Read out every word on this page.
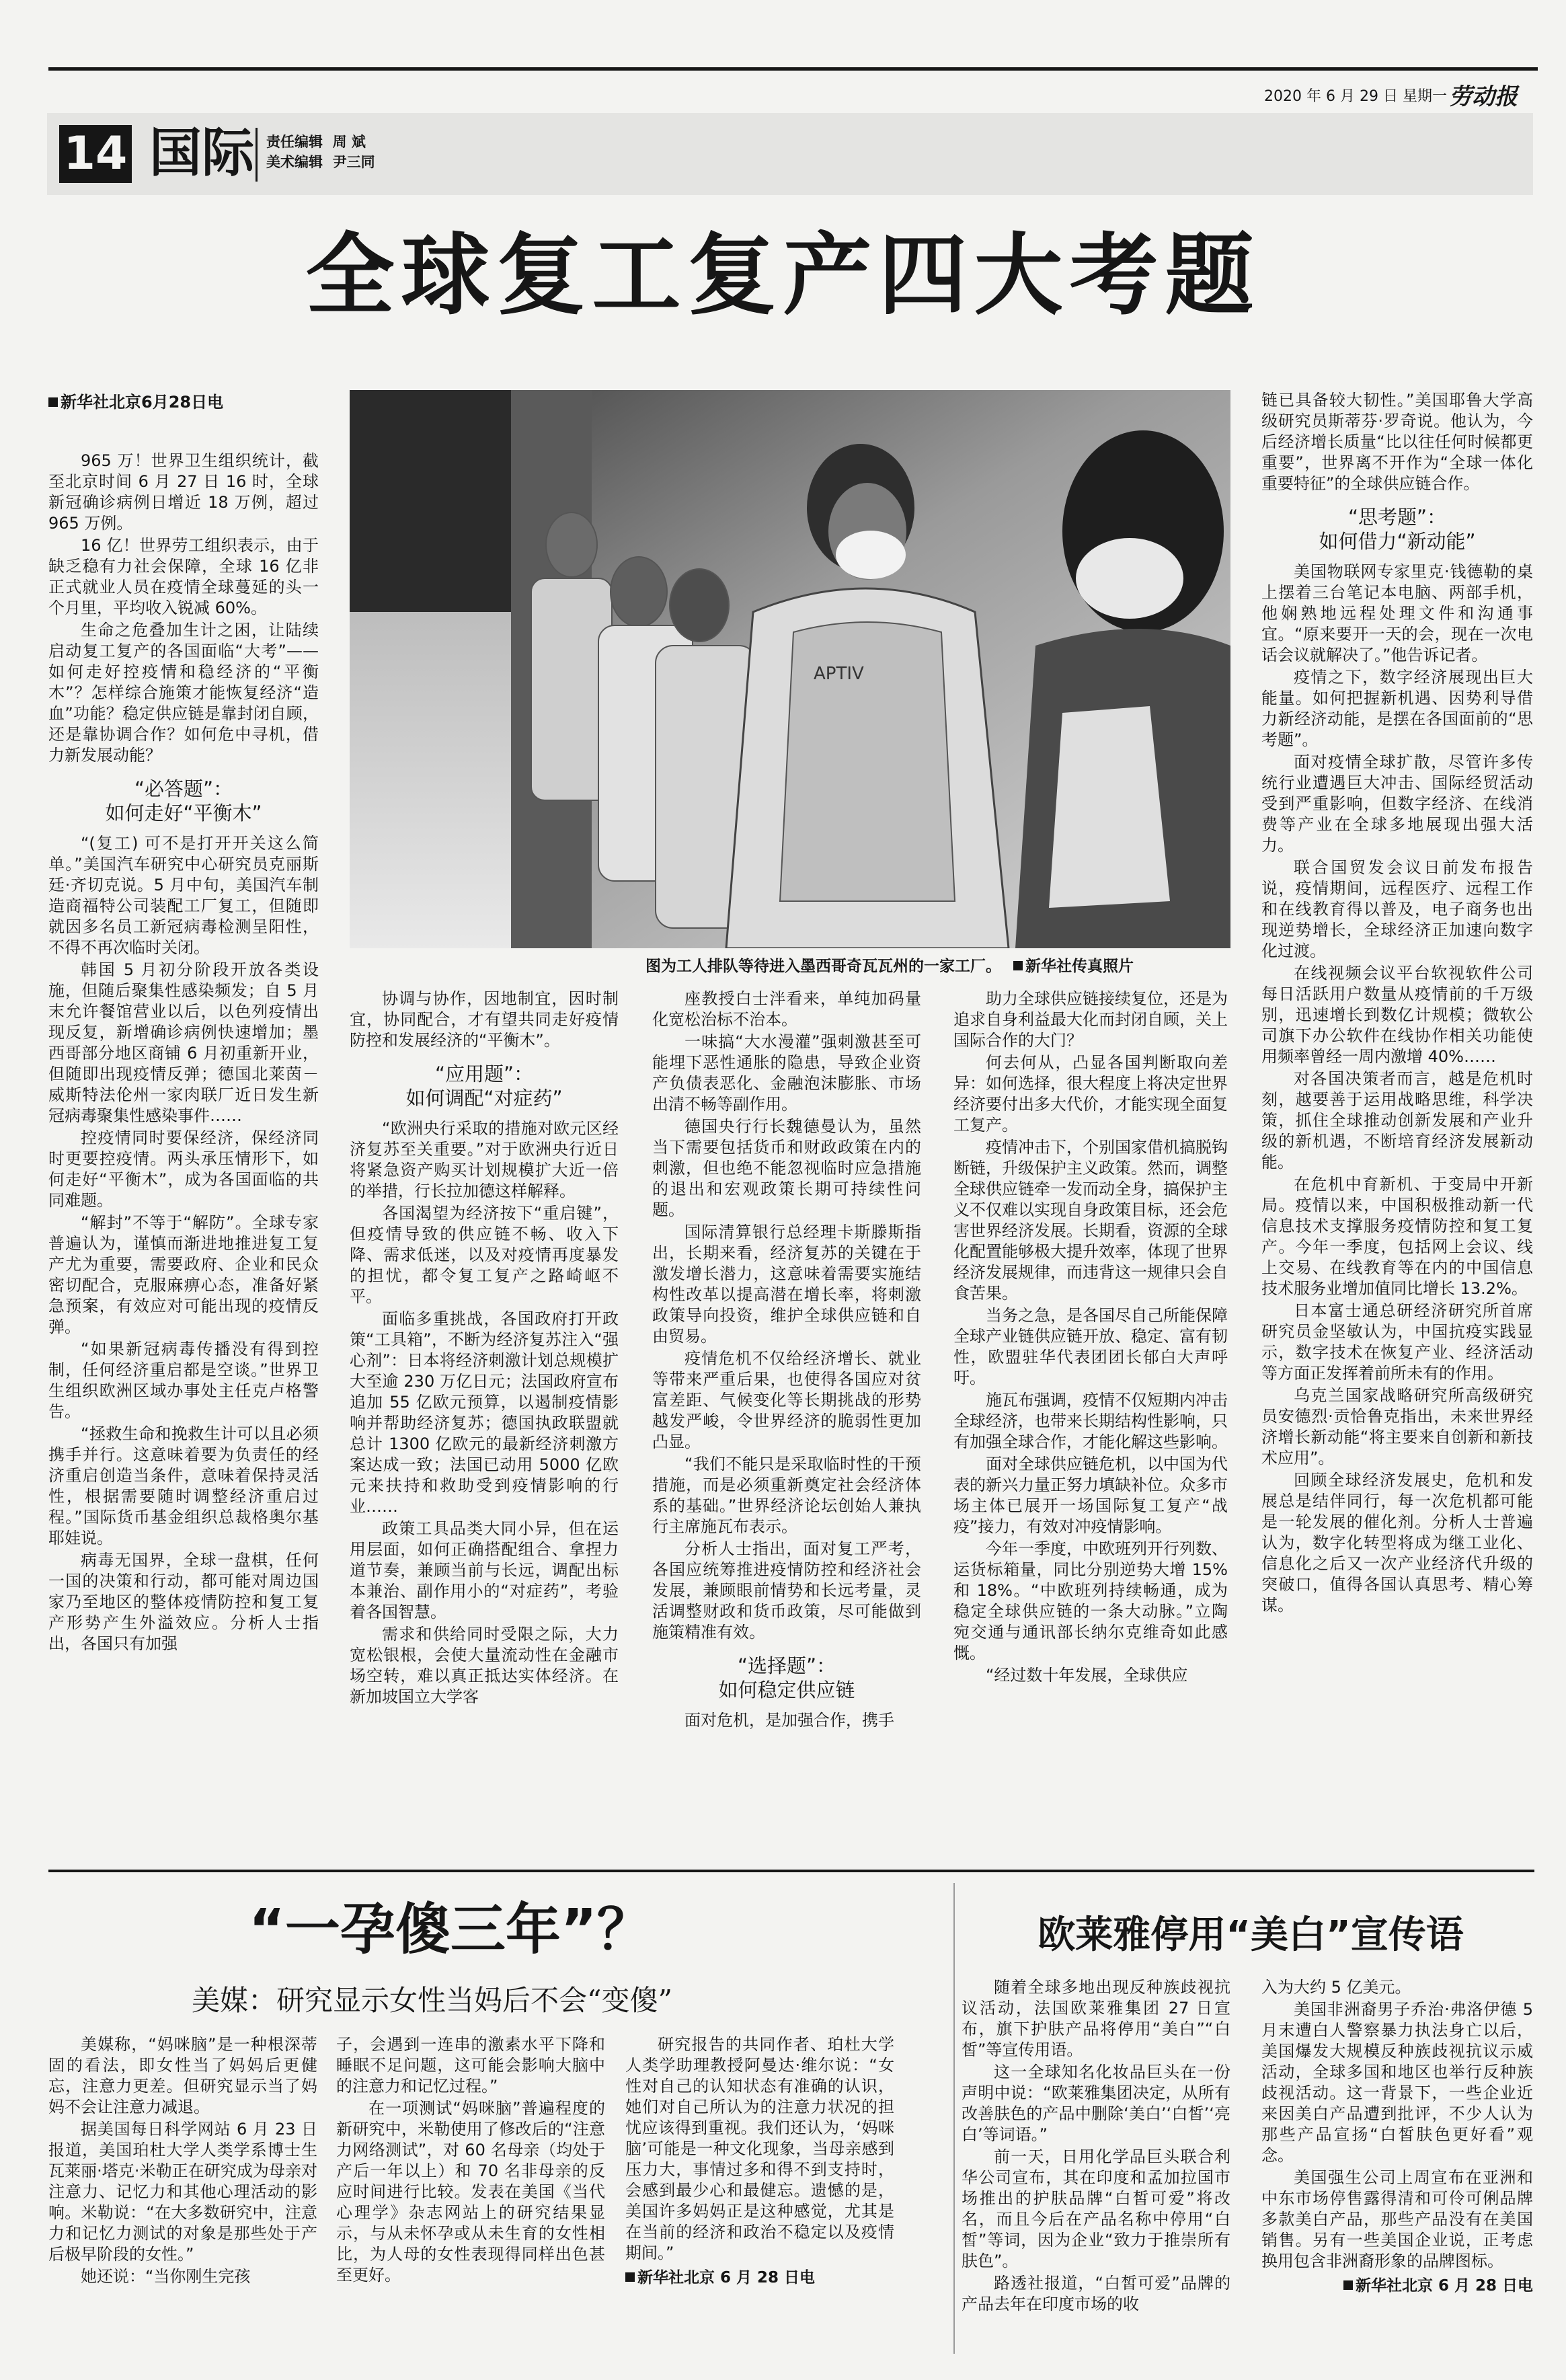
2020 年 6 月 29 日 星期一 劳动报
14 国际 责任编辑 周 斌
美术编辑 尹三同
全球复工复产四大考题
新华社北京6月28日电
APTIV
图为工人排队等待进入墨西哥奇瓦瓦州的一家工厂。 新华社传真照片

965 万！世界卫生组织统计，截至北京时间 6 月 27 日 16 时，全球新冠确诊病例日增近 18 万例，超过 965 万例。

16 亿！世界劳工组织表示，由于缺乏稳有力社会保障，全球 16 亿非正式就业人员在疫情全球蔓延的头一个月里，平均收入锐减 60%。

生命之危叠加生计之困，让陆续启动复工复产的各国面临“大考”——如何走好控疫情和稳经济的“平衡木”？怎样综合施策才能恢复经济“造血”功能？稳定供应链是靠封闭自顾，还是靠协调合作？如何危中寻机，借力新发展动能？

“必答题”：
如何走好“平衡木”

“(复工) 可不是打开开关这么简单。”美国汽车研究中心研究员克丽斯廷·齐切克说。5 月中旬，美国汽车制造商福特公司装配工厂复工，但随即就因多名员工新冠病毒检测呈阳性，不得不再次临时关闭。

韩国 5 月初分阶段开放各类设施，但随后聚集性感染频发；自 5 月末允许餐馆营业以后，以色列疫情出现反复，新增确诊病例快速增加；墨西哥部分地区商铺 6 月初重新开业，但随即出现疫情反弹；德国北莱茵－威斯特法伦州一家肉联厂近日发生新冠病毒聚集性感染事件……

控疫情同时要保经济，保经济同时更要控疫情。两头承压情形下，如何走好“平衡木”，成为各国面临的共同难题。

“解封”不等于“解防”。全球专家普遍认为，谨慎而渐进地推进复工复产尤为重要，需要政府、企业和民众密切配合，克服麻痹心态，准备好紧急预案，有效应对可能出现的疫情反弹。

“如果新冠病毒传播没有得到控制，任何经济重启都是空谈。”世界卫生组织欧洲区域办事处主任克卢格警告。

“拯救生命和挽救生计可以且必须携手并行。这意味着要为负责任的经济重启创造当条件，意味着保持灵活性，根据需要随时调整经济重启过程。”国际货币基金组织总裁格奥尔基耶娃说。

病毒无国界，全球一盘棋，任何一国的决策和行动，都可能对周边国家乃至地区的整体疫情防控和复工复产形势产生外溢效应。分析人士指出，各国只有加强

协调与协作，因地制宜，因时制宜，协同配合，才有望共同走好疫情防控和发展经济的“平衡木”。

“应用题”：
如何调配“对症药”

“欧洲央行采取的措施对欧元区经济复苏至关重要。”对于欧洲央行近日将紧急资产购买计划规模扩大近一倍的举措，行长拉加德这样解释。

各国渴望为经济按下“重启键”，但疫情导致的供应链不畅、收入下降、需求低迷，以及对疫情再度暴发的担忧，都令复工复产之路崎岖不平。

面临多重挑战，各国政府打开政策“工具箱”，不断为经济复苏注入“强心剂”：日本将经济刺激计划总规模扩大至逾 230 万亿日元；法国政府宣布追加 55 亿欧元预算，以遏制疫情影响并帮助经济复苏；德国执政联盟就总计 1300 亿欧元的最新经济刺激方案达成一致；法国已动用 5000 亿欧元来扶持和救助受到疫情影响的行业……

政策工具品类大同小异，但在运用层面，如何正确搭配组合、拿捏力道节奏，兼顾当前与长远，调配出标本兼治、副作用小的“对症药”，考验着各国智慧。

需求和供给同时受限之际，大力宽松银根，会使大量流动性在金融市场空转，难以真正抵达实体经济。在新加坡国立大学客

座教授白士泮看来，单纯加码量化宽松治标不治本。

一味搞“大水漫灌”强刺激甚至可能埋下恶性通胀的隐患，导致企业资产负债表恶化、金融泡沫膨胀、市场出清不畅等副作用。

德国央行行长魏德曼认为，虽然当下需要包括货币和财政政策在内的刺激，但也绝不能忽视临时应急措施的退出和宏观政策长期可持续性问题。

国际清算银行总经理卡斯滕斯指出，长期来看，经济复苏的关键在于激发增长潜力，这意味着需要实施结构性改革以提高潜在增长率，将刺激政策导向投资，维护全球供应链和自由贸易。

疫情危机不仅给经济增长、就业等带来严重后果，也使得各国应对贫富差距、气候变化等长期挑战的形势越发严峻，令世界经济的脆弱性更加凸显。

“我们不能只是采取临时性的干预措施，而是必须重新奠定社会经济体系的基础。”世界经济论坛创始人兼执行主席施瓦布表示。

分析人士指出，面对复工严考，各国应统筹推进疫情防控和经济社会发展，兼顾眼前情势和长远考量，灵活调整财政和货币政策，尽可能做到施策精准有效。

“选择题”：
如何稳定供应链

面对危机，是加强合作，携手

助力全球供应链接续复位，还是为追求自身利益最大化而封闭自顾，关上国际合作的大门？

何去何从，凸显各国判断取向差异：如何选择，很大程度上将决定世界经济要付出多大代价，才能实现全面复工复产。

疫情冲击下，个别国家借机搞脱钩断链，升级保护主义政策。然而，调整全球供应链牵一发而动全身，搞保护主义不仅难以实现自身政策目标，还会危害世界经济发展。长期看，资源的全球化配置能够极大提升效率，体现了世界经济发展规律，而违背这一规律只会自食苦果。

当务之急，是各国尽自己所能保障全球产业链供应链开放、稳定、富有韧性，欧盟驻华代表团团长郁白大声呼吁。

施瓦布强调，疫情不仅短期内冲击全球经济，也带来长期结构性影响，只有加强全球合作，才能化解这些影响。

面对全球供应链危机，以中国为代表的新兴力量正努力填缺补位。众多市场主体已展开一场国际复工复产“战疫”接力，有效对冲疫情影响。

今年一季度，中欧班列开行列数、运货标箱量，同比分别逆势大增 15% 和 18%。“中欧班列持续畅通，成为稳定全球供应链的一条大动脉。”立陶宛交通与通讯部长纳尔克维奇如此感慨。

“经过数十年发展，全球供应

链已具备较大韧性。”美国耶鲁大学高级研究员斯蒂芬·罗奇说。他认为，今后经济增长质量“比以往任何时候都更重要”，世界离不开作为“全球一体化重要特征”的全球供应链合作。

“思考题”：
如何借力“新动能”

美国物联网专家里克·钱德勒的桌上摆着三台笔记本电脑、两部手机，他娴熟地远程处理文件和沟通事宜。“原来要开一天的会，现在一次电话会议就解决了。”他告诉记者。

疫情之下，数字经济展现出巨大能量。如何把握新机遇、因势利导借力新经济动能，是摆在各国面前的“思考题”。

面对疫情全球扩散，尽管许多传统行业遭遇巨大冲击、国际经贸活动受到严重影响，但数字经济、在线消费等产业在全球多地展现出强大活力。

联合国贸发会议日前发布报告说，疫情期间，远程医疗、远程工作和在线教育得以普及，电子商务也出现逆势增长，全球经济正加速向数字化过渡。

在线视频会议平台软视软件公司每日活跃用户数量从疫情前的千万级别，迅速增长到数亿计规模；微软公司旗下办公软件在线协作相关功能使用频率曾经一周内激增 40%……

对各国决策者而言，越是危机时刻，越要善于运用战略思维，科学决策，抓住全球推动创新发展和产业升级的新机遇，不断培育经济发展新动能。

在危机中育新机、于变局中开新局。疫情以来，中国积极推动新一代信息技术支撑服务疫情防控和复工复产。今年一季度，包括网上会议、线上交易、在线教育等在内的中国信息技术服务业增加值同比增长 13.2%。

日本富士通总研经济研究所首席研究员金坚敏认为，中国抗疫实践显示，数字技术在恢复产业、经济活动等方面正发挥着前所未有的作用。

乌克兰国家战略研究所高级研究员安德烈·贡恰鲁克指出，未来世界经济增长新动能“将主要来自创新和新技术应用”。

回顾全球经济发展史，危机和发展总是结伴同行，每一次危机都可能是一轮发展的催化剂。分析人士普遍认为，数字化转型将成为继工业化、信息化之后又一次产业经济代升级的突破口，值得各国认真思考、精心筹谋。

“一孕傻三年”？
美媒：研究显示女性当妈后不会“变傻”

美媒称，“妈咪脑”是一种根深蒂固的看法，即女性当了妈妈后更健忘，注意力更差。但研究显示当了妈妈不会让注意力减退。

据美国每日科学网站 6 月 23 日报道，美国珀杜大学人类学系博士生瓦莱丽·塔克·米勒正在研究成为母亲对注意力、记忆力和其他心理活动的影响。米勒说：“在大多数研究中，注意力和记忆力测试的对象是那些处于产后极早阶段的女性。”

她还说：“当你刚生完孩

子，会遇到一连串的激素水平下降和睡眠不足问题，这可能会影响大脑中的注意力和记忆过程。”

在一项测试“妈咪脑”普遍程度的新研究中，米勒使用了修改后的“注意力网络测试”，对 60 名母亲（均处于产后一年以上）和 70 名非母亲的反应时间进行比较。发表在美国《当代心理学》杂志网站上的研究结果显示，与从未怀孕或从未生育的女性相比，为人母的女性表现得同样出色甚至更好。

研究报告的共同作者、珀杜大学人类学助理教授阿曼达·维尔说：“女性对自己的认知状态有准确的认识，她们对自己所认为的注意力状况的担忧应该得到重视。我们还认为，‘妈咪脑’可能是一种文化现象，当母亲感到压力大，事情过多和得不到支持时，会感到最少心和最健忘。遗憾的是，美国许多妈妈正是这种感觉，尤其是在当前的经济和政治不稳定以及疫情期间。”

新华社北京 6 月 28 日电
欧莱雅停用“美白”宣传语

随着全球多地出现反种族歧视抗议活动，法国欧莱雅集团 27 日宣布，旗下护肤产品将停用“美白”“白皙”等宣传用语。

这一全球知名化妆品巨头在一份声明中说：“欧莱雅集团决定，从所有改善肤色的产品中删除‘美白’‘白皙’‘亮白’等词语。”

前一天，日用化学品巨头联合利华公司宣布，其在印度和孟加拉国市场推出的护肤品牌“白皙可爱”将改名，而且今后在产品名称中停用“白皙”等词，因为企业“致力于推崇所有肤色”。

路透社报道，“白皙可爱”品牌的产品去年在印度市场的收

入为大约 5 亿美元。

美国非洲裔男子乔治·弗洛伊德 5 月末遭白人警察暴力执法身亡以后，美国爆发大规模反种族歧视抗议示威活动，全球多国和地区也举行反种族歧视活动。这一背景下，一些企业近来因美白产品遭到批评，不少人认为那些产品宣扬“白皙肤色更好看”观念。

美国强生公司上周宣布在亚洲和中东市场停售露得清和可伶可俐品牌多款美白产品，那些产品没有在美国销售。另有一些美国企业说，正考虑换用包含非洲裔形象的品牌图标。

新华社北京 6 月 28 日电
